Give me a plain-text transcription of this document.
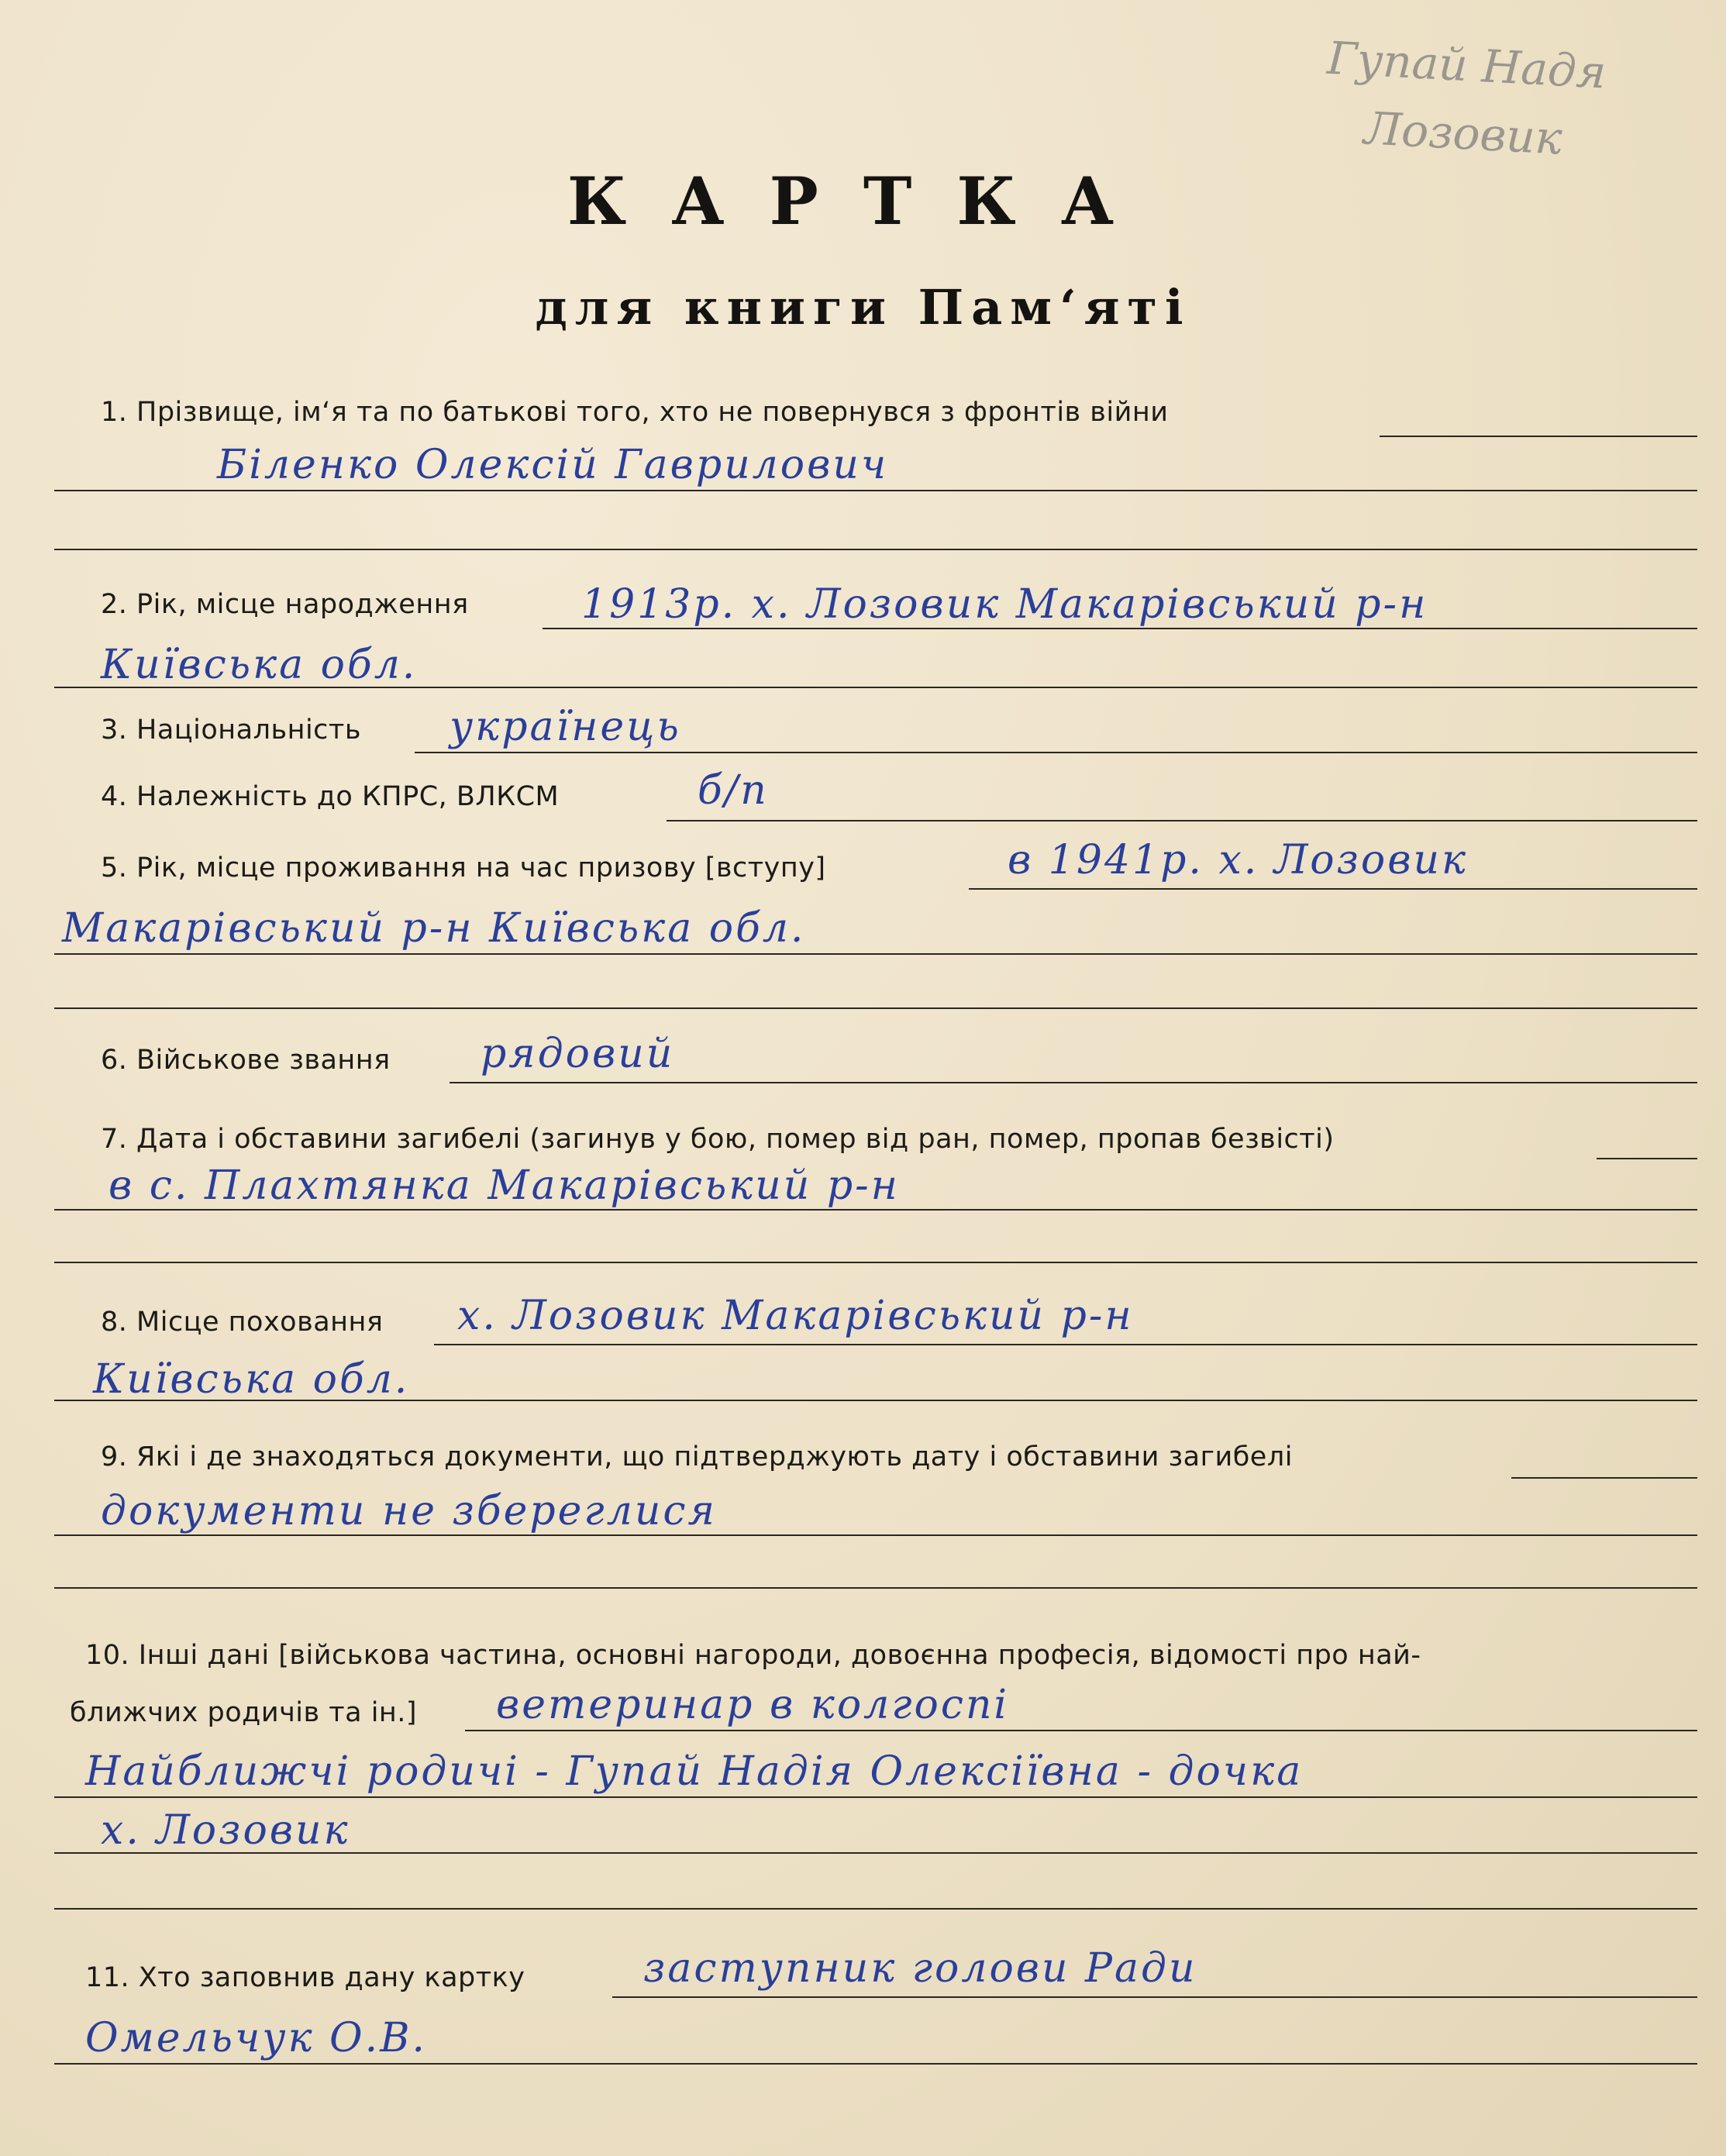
Гупай Надя
Лозовик
КАРТКА
для книги Пам‘яті
1. Прізвище, ім‘я та по батькові того, хто не повернувся з фронтів війни
Біленко Олексій Гаврилович
2. Рік, місце народження	1913р. х. Лозовик Макарівський р-н
Київська обл.
3. Національність українець
4. Належність до КПРС, ВЛКСМ	б/п
5. Рік, місце проживання на час призову [вступу]	в 1941р. х. Лозовик
Макарівський р-н Київська обл.
6. Військове звання рядовий
7. Дата і обставини загибелі (загинув у бою, помер від ран, помер, пропав безвісті)
в с. Плахтянка Макарівський р-н
8. Місце поховання х. Лозовик Макарівський р-н
Київська обл.
9. Які і де знаходяться документи, що підтверджують дату і обставини загибелі
документи не збереглися
10. Інші дані [військова частина, основні нагороди, довоєнна професія, відомості про най-
ближчих родичів та ін.] ветеринар в колгоспі
Найближчі родичі - Гупай Надія Олексіївна - дочка
х. Лозовик
11. Хто заповнив дану картку	заступник голови Ради
Омельчук О.В.
